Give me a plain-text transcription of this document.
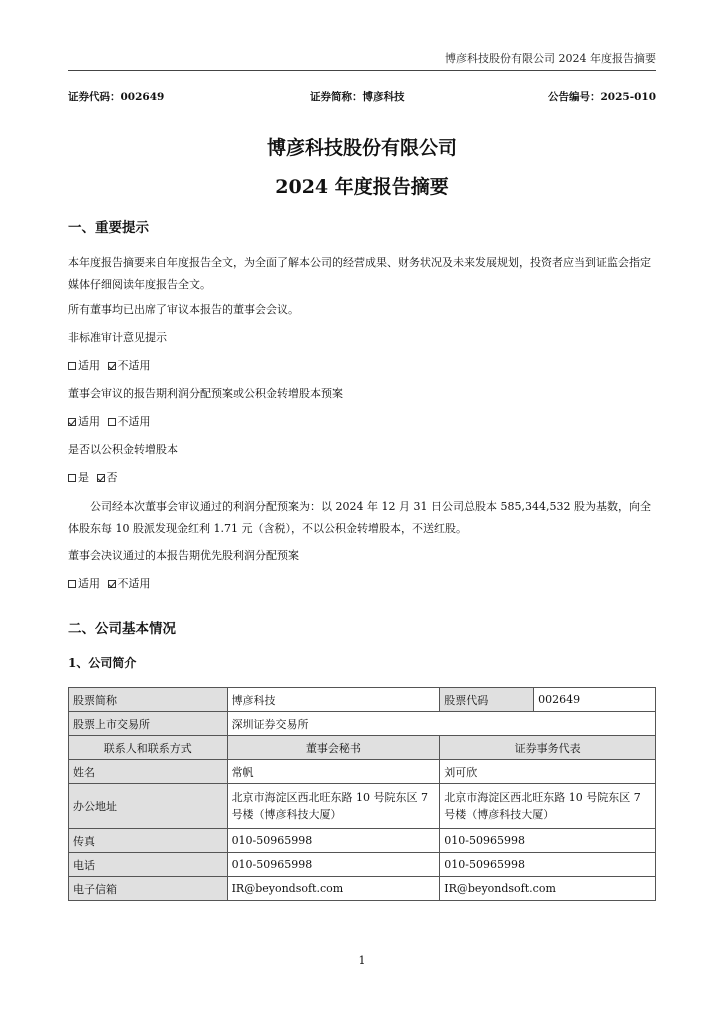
博彦科技股份有限公司 2024 年度报告摘要
证券代码：002649	证券简称：博彦科技	公告编号：2025-010
博彦科技股份有限公司
2024 年度报告摘要
一、重要提示
本年度报告摘要来自年度报告全文，为全面了解本公司的经营成果、财务状况及未来发展规划，投资者应当到证监会指定媒体仔细阅读年度报告全文。
所有董事均已出席了审议本报告的董事会会议。
非标准审计意见提示
适用 不适用
董事会审议的报告期利润分配预案或公积金转增股本预案
适用 不适用
是否以公积金转增股本
是 否
公司经本次董事会审议通过的利润分配预案为：以 2024 年 12 月 31 日公司总股本 585,344,532 股为基数，向全体股东每 10 股派发现金红利 1.71 元（含税），不以公积金转增股本，不送红股。
董事会决议通过的本报告期优先股利润分配预案
适用 不适用
二、公司基本情况
1、公司简介
股票简称	博彦科技	股票代码	002649
股票上市交易所	深圳证券交易所		
联系人和联系方式	董事会秘书	证券事务代表	
姓名	常帆	刘可欣	
办公地址	北京市海淀区西北旺东路 10 号院东区 7 号楼（博彦科技大厦）	北京市海淀区西北旺东路 10 号院东区 7 号楼（博彦科技大厦）	
传真	010-50965998	010-50965998	
电话	010-50965998	010-50965998	
电子信箱	IR@beyondsoft.com	IR@beyondsoft.com	
1
